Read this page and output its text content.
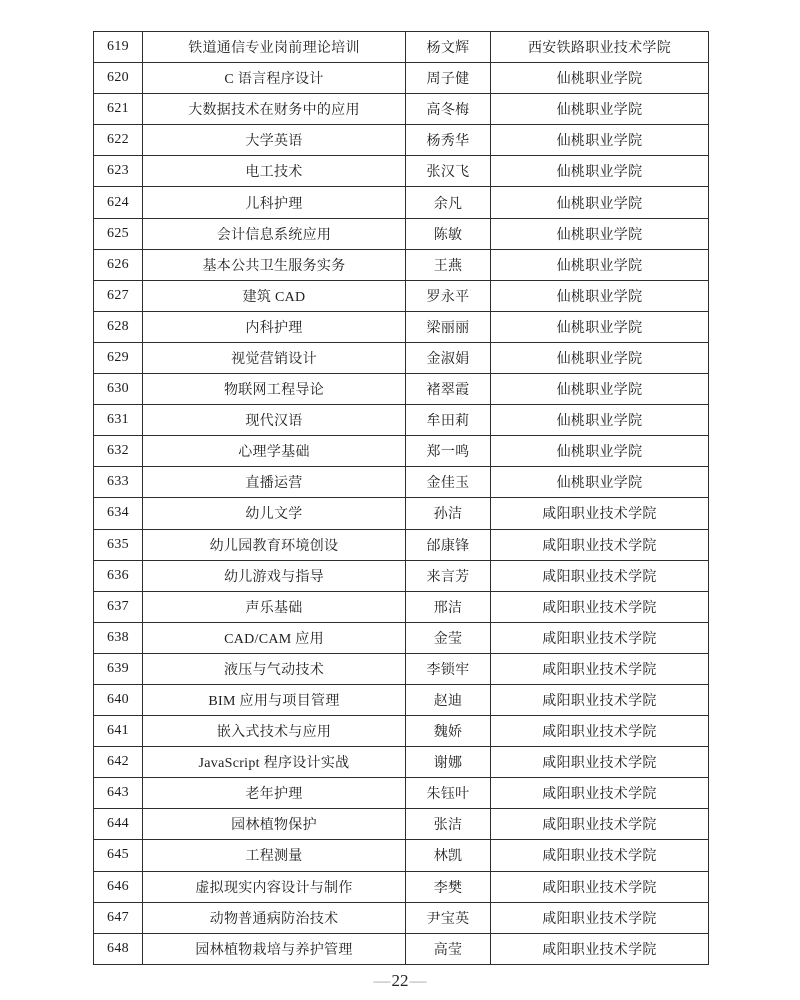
619	铁道通信专业岗前理论培训	杨文辉	西安铁路职业技术学院
620	C 语言程序设计	周子健	仙桃职业学院
621	大数据技术在财务中的应用	高冬梅	仙桃职业学院
622	大学英语	杨秀华	仙桃职业学院
623	电工技术	张汉飞	仙桃职业学院
624	儿科护理	余凡	仙桃职业学院
625	会计信息系统应用	陈敏	仙桃职业学院
626	基本公共卫生服务实务	王燕	仙桃职业学院
627	建筑 CAD	罗永平	仙桃职业学院
628	内科护理	梁丽丽	仙桃职业学院
629	视觉营销设计	金淑娟	仙桃职业学院
630	物联网工程导论	褚翠霞	仙桃职业学院
631	现代汉语	牟田莉	仙桃职业学院
632	心理学基础	郑一鸣	仙桃职业学院
633	直播运营	金佳玉	仙桃职业学院
634	幼儿文学	孙洁	咸阳职业技术学院
635	幼儿园教育环境创设	邰康锋	咸阳职业技术学院
636	幼儿游戏与指导	来言芳	咸阳职业技术学院
637	声乐基础	邢洁	咸阳职业技术学院
638	CAD/CAM 应用	金莹	咸阳职业技术学院
639	液压与气动技术	李锁牢	咸阳职业技术学院
640	BIM 应用与项目管理	赵迪	咸阳职业技术学院
641	嵌入式技术与应用	魏娇	咸阳职业技术学院
642	JavaScript 程序设计实战	谢娜	咸阳职业技术学院
643	老年护理	朱钰叶	咸阳职业技术学院
644	园林植物保护	张洁	咸阳职业技术学院
645	工程测量	林凯	咸阳职业技术学院
646	虚拟现实内容设计与制作	李樊	咸阳职业技术学院
647	动物普通病防治技术	尹宝英	咸阳职业技术学院
648	园林植物栽培与养护管理	高莹	咸阳职业技术学院
—22—
